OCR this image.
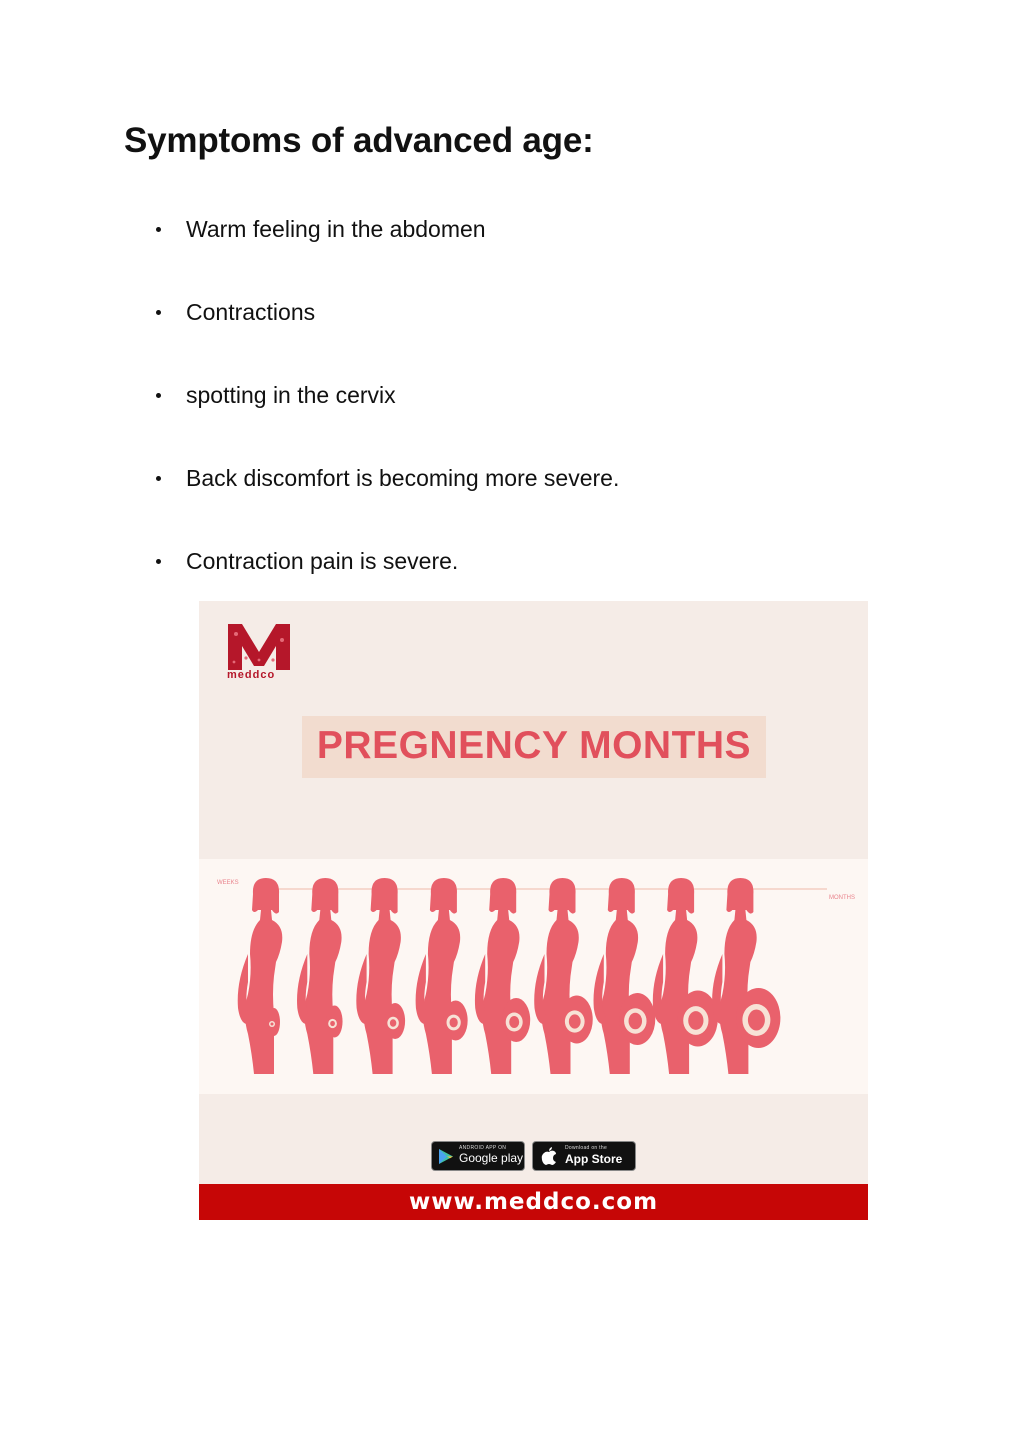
Symptoms of advanced age:
Warm feeling in the abdomen
Contractions
spotting in the cervix
Back discomfort is becoming more severe.
Contraction pain is severe.
meddco
PREGNENCY MONTHS
WEEKS
MONTHS
ANDROID APP ON
Google play
Download on the
App Store
www.meddco.com
